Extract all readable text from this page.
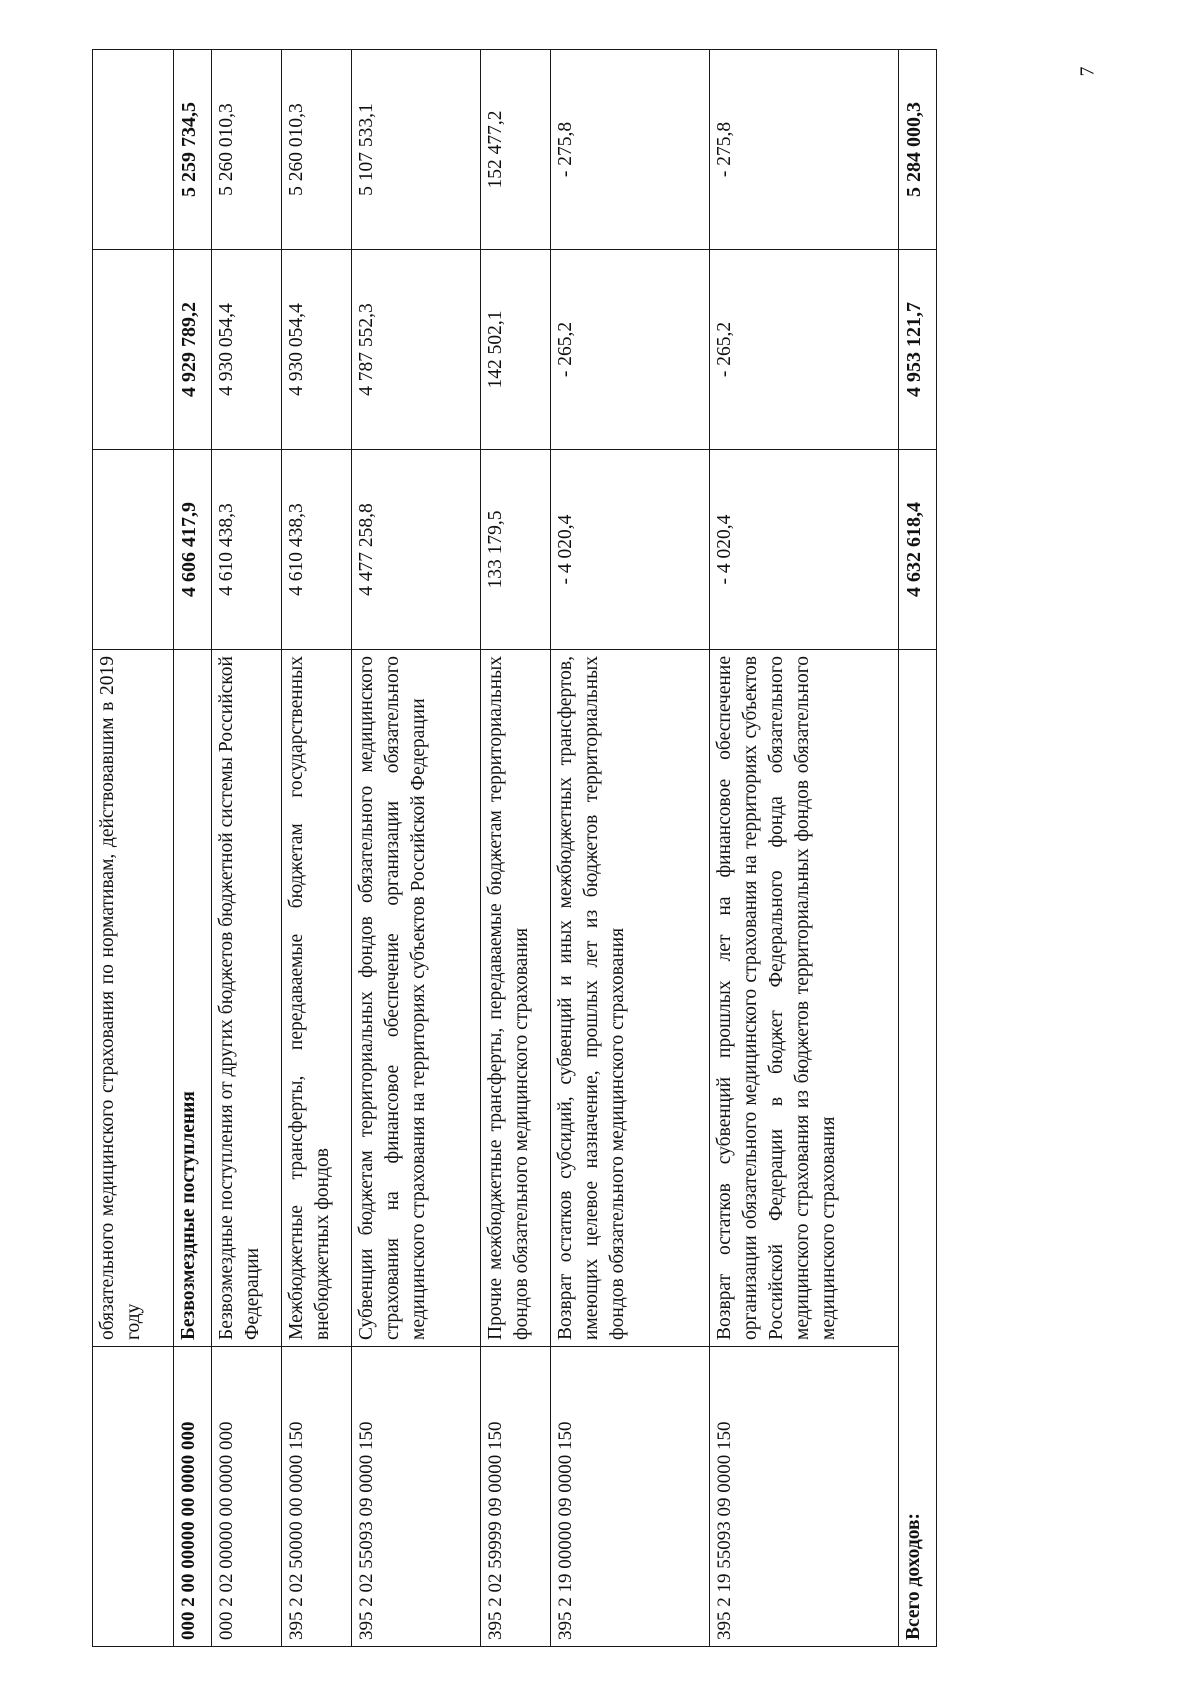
7
	обязательного медицинского страхования по нормативам, действовавшим в 2019 году			
000 2 00 00000 00 0000 000	Безвозмездные поступления	4 606 417,9	4 929 789,2	5 259 734,5
000 2 02 00000 00 0000 000	Безвозмездные поступления от других бюджетов бюджетной системы Российской Федерации	4 610 438,3	4 930 054,4	5 260 010,3
395 2 02 50000 00 0000 150	Межбюджетные трансферты, передаваемые бюджетам государственных внебюджетных фондов	4 610 438,3	4 930 054,4	5 260 010,3
395 2 02 55093 09 0000 150	Субвенции бюджетам территориальных фондов обязательного медицинского страхования на финансовое обеспечение организации обязательного медицинского страхования на территориях субъектов Российской Федерации	4 477 258,8	4 787 552,3	5 107 533,1
395 2 02 59999 09 0000 150	Прочие межбюджетные трансферты, передаваемые бюджетам территориальных фондов обязательного медицинского страхования	133 179,5	142 502,1	152 477,2
395 2 19 00000 09 0000 150	Возврат остатков субсидий, субвенций и иных межбюджетных трансфертов, имеющих целевое назначение, прошлых лет из бюджетов территориальных фондов обязательного медицинского страхования	- 4 020,4	- 265,2	- 275,8
395 2 19 55093 09 0000 150	Возврат остатков субвенций прошлых лет на финансовое обеспечение организации обязательного медицинского страхования на территориях субъектов Российской Федерации в бюджет Федерального фонда обязательного медицинского страхования из бюджетов территориальных фондов обязательного медицинского страхования	- 4 020,4	- 265,2	- 275,8
Всего доходов:		4 632 618,4	4 953 121,7	5 284 000,3
